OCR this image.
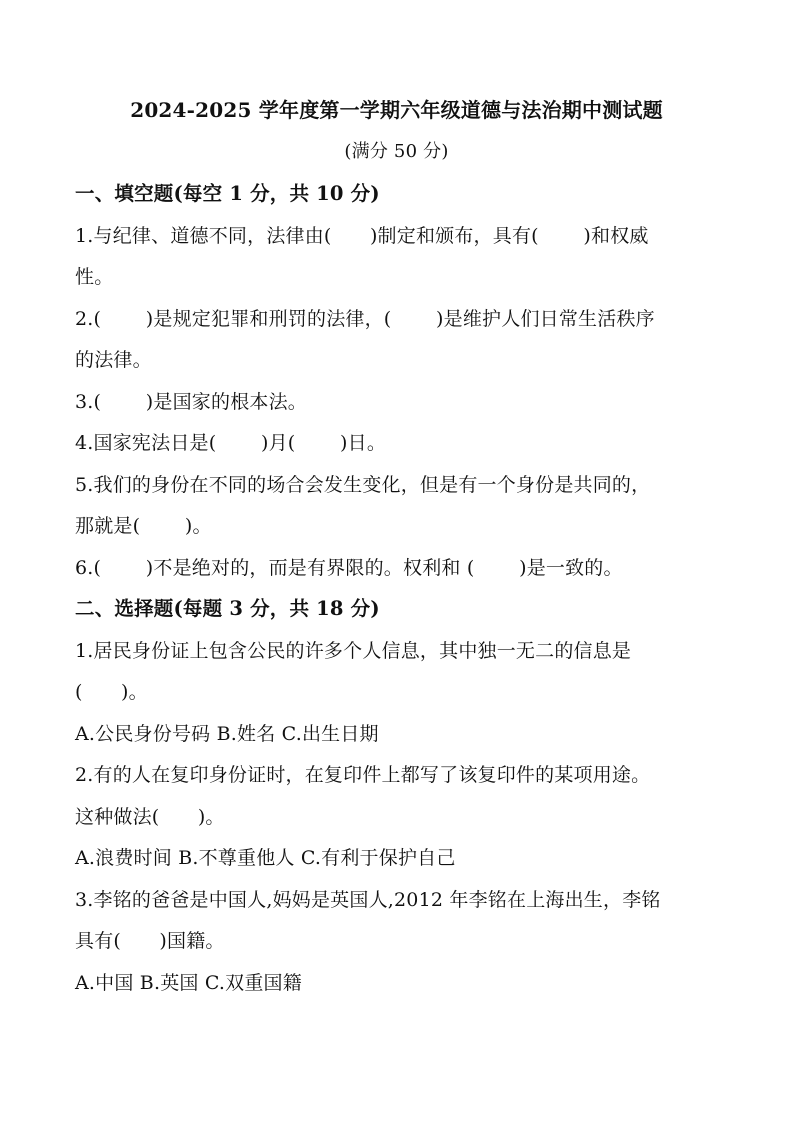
2024-2025 学年度第一学期六年级道德与法治期中测试题
(满分 50 分)
一、填空题(每空 1 分，共 10 分)
1.与纪律、道德不同，法律由(　　)制定和颁布，具有(　　 )和权威
性。
2.(　　 )是规定犯罪和刑罚的法律，(　　 )是维护人们日常生活秩序
的法律。
3.(　　 )是国家的根本法。
4.国家宪法日是(　　 )月(　　 )日。
5.我们的身份在不同的场合会发生变化，但是有一个身份是共同的，
那就是(　　 )。
6.(　　 )不是绝对的，而是有界限的。权利和 (　　 )是一致的。
二、选择题(每题 3 分，共 18 分)
1.居民身份证上包含公民的许多个人信息，其中独一无二的信息是
(　　)。
A.公民身份号码 B.姓名 C.出生日期
2.有的人在复印身份证时，在复印件上都写了该复印件的某项用途。
这种做法(　　)。
A.浪费时间 B.不尊重他人 C.有利于保护自己
3.李铭的爸爸是中国人,妈妈是英国人,2012 年李铭在上海出生，李铭
具有(　　)国籍。
A.中国 B.英国 C.双重国籍
